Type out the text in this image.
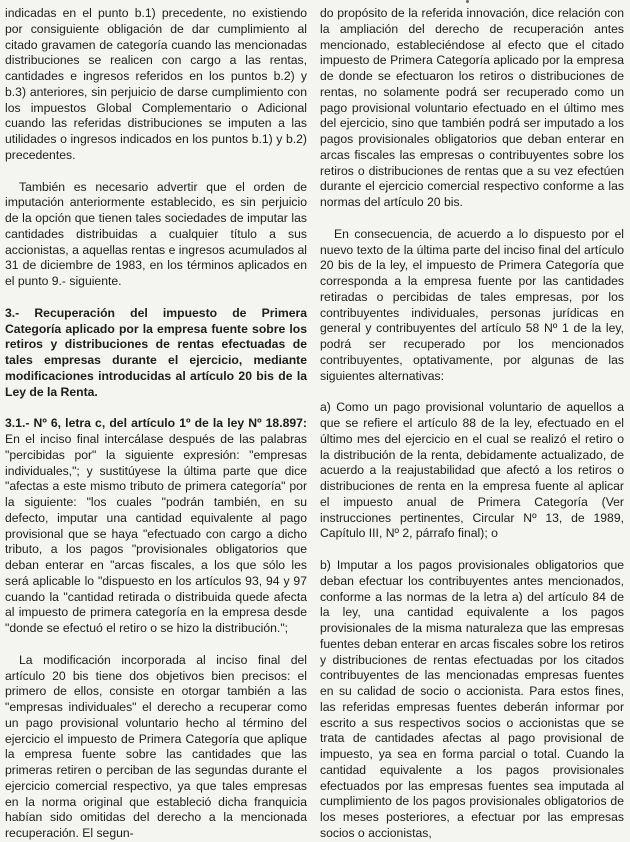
indicadas en el punto b.1) precedente, no existiendo por consiguiente obligación de dar cumplimiento al citado gravamen de categoría cuando las mencionadas distribuciones se realicen con cargo a las rentas, cantidades e ingresos referidos en los puntos b.2) y b.3) anteriores, sin perjuicio de darse cumplimiento con los impuestos Global Complementario o Adicional cuando las referidas distribuciones se imputen a las utilidades o ingresos indicados en los puntos b.1) y b.2) precedentes.

También es necesario advertir que el orden de imputación anteriormente establecido, es sin perjuicio de la opción que tienen tales sociedades de imputar las cantidades distribuidas a cualquier título a sus accionistas, a aquellas rentas e ingresos acumulados al 31 de diciembre de 1983, en los términos aplicados en el punto 9.- siguiente.

3.- Recuperación del impuesto de Primera Categoría aplicado por la empresa fuente sobre los retiros y distribuciones de rentas efectuadas de tales empresas durante el ejercicio, mediante modificaciones introducidas al artículo 20 bis de la Ley de la Renta.

3.1.- Nº 6, letra c, del artículo 1º de la ley Nº 18.897: En el inciso final intercálase después de las palabras "percibidas por" la siguiente expresión: "empresas individuales,"; y sustitúyese la última parte que dice "afectas a este mismo tributo de primera categoría" por la siguiente: "los cuales "podrán también, en su defecto, imputar una cantidad equivalente al pago provisional que se haya "efectuado con cargo a dicho tributo, a los pagos "provisionales obligatorios que deban enterar en "arcas fiscales, a los que sólo les será aplicable lo "dispuesto en los artículos 93, 94 y 97 cuando la "cantidad retirada o distribuida quede afecta al impuesto de primera categoría en la empresa desde "donde se efectuó el retiro o se hizo la distribución.";

La modificación incorporada al inciso final del artículo 20 bis tiene dos objetivos bien precisos: el primero de ellos, consiste en otorgar también a las "empresas individuales" el derecho a recuperar como un pago provisional voluntario hecho al término del ejercicio el impuesto de Primera Categoría que aplique la empresa fuente sobre las cantidades que las primeras retiren o perciban de las segundas durante el ejercicio comercial respectivo, ya que tales empresas en la norma original que estableció dicha franquicia habían sido omitidas del derecho a la mencionada recuperación. El segun-

do propósito de la referida innovación, dice relación con la ampliación del derecho de recuperación antes mencionado, estableciéndose al efecto que el citado impuesto de Primera Categoría aplicado por la empresa de donde se efectuaron los retiros o distribuciones de rentas, no solamente podrá ser recuperado como un pago provisional voluntario efectuado en el último mes del ejercicio, sino que también podrá ser imputado a los pagos provisionales obligatorios que deban enterar en arcas fiscales las empresas o contribuyentes sobre los retiros o distribuciones de rentas que a su vez efectúen durante el ejercicio comercial respectivo conforme a las normas del artículo 20 bis.

En consecuencia, de acuerdo a lo dispuesto por el nuevo texto de la última parte del inciso final del artículo 20 bis de la ley, el impuesto de Primera Categoría que corresponda a la empresa fuente por las cantidades retiradas o percibidas de tales empresas, por los contribuyentes individuales, personas jurídicas en general y contribuyentes del artículo 58 Nº 1 de la ley, podrá ser recuperado por los mencionados contribuyentes, optativamente, por algunas de las siguientes alternativas:

a) Como un pago provisional voluntario de aquellos a que se refiere el artículo 88 de la ley, efectuado en el último mes del ejercicio en el cual se realizó el retiro o la distribución de la renta, debidamente actualizado, de acuerdo a la reajustabilidad que afectó a los retiros o distribuciones de renta en la empresa fuente al aplicar el impuesto anual de Primera Categoría (Ver instrucciones pertinentes, Circular Nº 13, de 1989, Capítulo III, Nº 2, párrafo final); o

b) Imputar a los pagos provisionales obligatorios que deban efectuar los contribuyentes antes mencionados, conforme a las normas de la letra a) del artículo 84 de la ley, una cantidad equivalente a los pagos provisionales de la misma naturaleza que las empresas fuentes deban enterar en arcas fiscales sobre los retiros y distribuciones de rentas efectuadas por los citados contribuyentes de las mencionadas empresas fuentes en su calidad de socio o accionista. Para estos fines, las referidas empresas fuentes deberán informar por escrito a sus respectivos socios o accionistas que se trata de cantidades afectas al pago provisional de impuesto, ya sea en forma parcial o total. Cuando la cantidad equivalente a los pagos provisionales efectuados por las empresas fuentes sea imputada al cumplimiento de los pagos provisionales obligatorios de los meses posteriores, a efectuar por las empresas socios o accionistas,
